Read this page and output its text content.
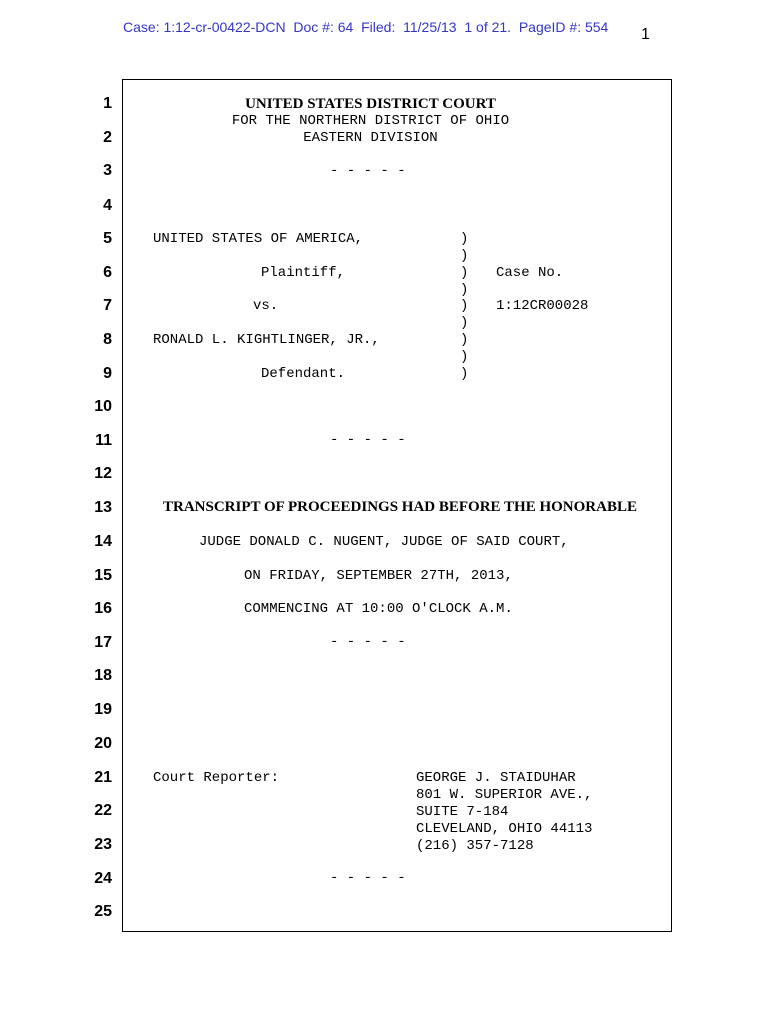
Case: 1:12-cr-00422-DCN  Doc #: 64  Filed:  11/25/13  1 of 21.  PageID #: 554 1
1
2
3
4
5
6
7
8
9
10
11
12
13
14
15
16
17
18
19
20
21
22
23
24
25
UNITED STATES DISTRICT COURT
FOR THE NORTHERN DISTRICT OF OHIO
EASTERN DIVISION
- - - - -
UNITED STATES OF AMERICA,
Plaintiff,
vs.
RONALD L. KIGHTLINGER, JR.,
Defendant.
)
)
)
)
)
)
)
)
)
Case No.
1:12CR00028
- - - - -
TRANSCRIPT OF PROCEEDINGS HAD BEFORE THE HONORABLE
JUDGE DONALD C. NUGENT, JUDGE OF SAID COURT,
ON FRIDAY, SEPTEMBER 27TH, 2013,
COMMENCING AT 10:00 O'CLOCK A.M.
- - - - -
Court Reporter:	GEORGE J. STAIDUHAR
801 W. SUPERIOR AVE.,
SUITE 7-184
CLEVELAND, OHIO 44113
(216) 357-7128
- - - - -
